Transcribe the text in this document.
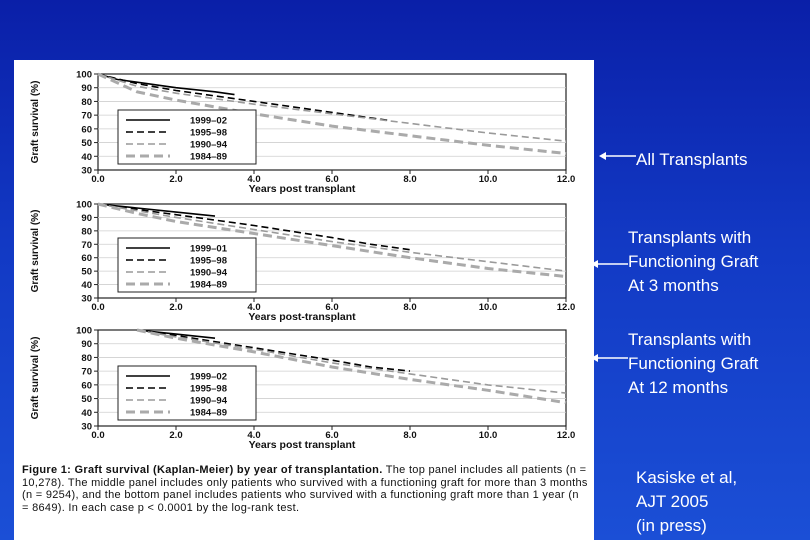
30
40
50
60
70
80
90
100
0.0	2.0	4.0	6.0	8.0	10.0	12.0
Years post transplant
Graft survival (%)	1999–02
1995–98
1990–94
1984–89
30
40
50
60
70
80
90
100
0.0	2.0	4.0	6.0	8.0	10.0	12.0
Years post-transplant
Graft survival (%)	1999–01
1995–98
1990–94
1984–89
30
40
50
60
70
80
90
100
0.0	2.0	4.0	6.0	8.0	10.0	12.0
Years post transplant
Graft survival (%)	1999–02
1995–98
1990–94
1984–89
Figure 1: Graft survival (Kaplan-Meier) by year of transplantation. The top panel includes all patients (n = 10,278). The middle panel includes only patients who survived with a functioning graft for more than 3 months (n = 9254), and the bottom panel includes patients who survived with a functioning graft more than 1 year (n = 8649). In each case p < 0.0001 by the log-rank test.
All Transplants
Transplants with
Functioning Graft
At 3 months
Transplants with
Functioning Graft
At 12 months
Kasiske et al,
AJT 2005
(in press)
